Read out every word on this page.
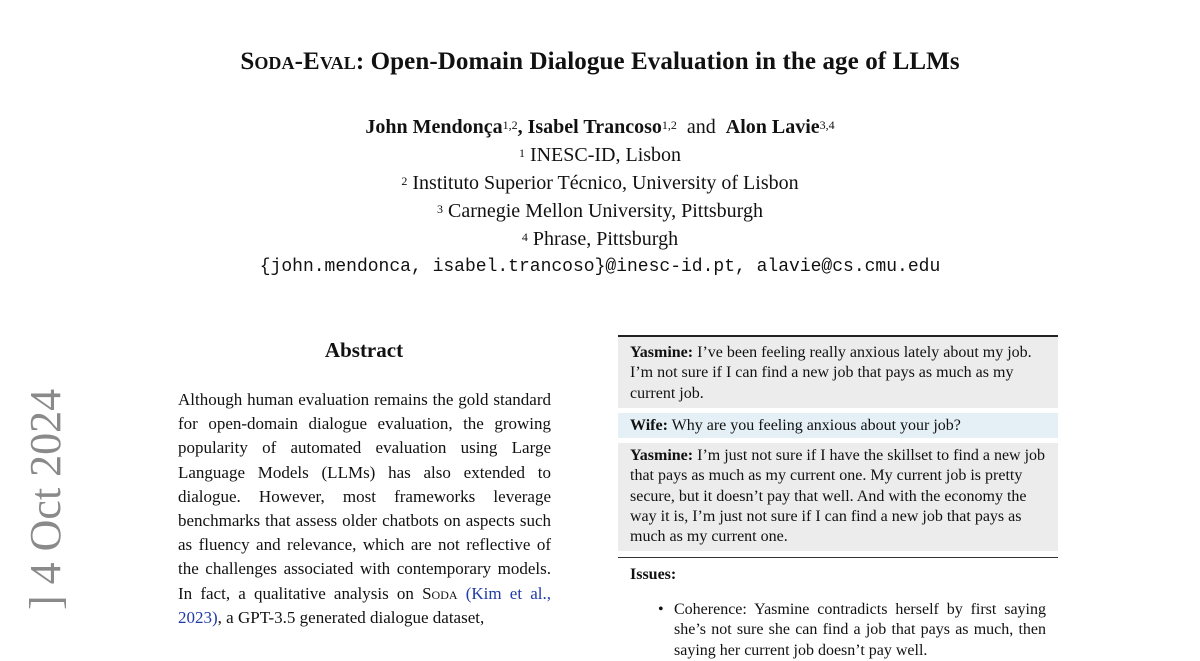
Soda-Eval: Open-Domain Dialogue Evaluation in the age of LLMs
John Mendonça$^{1,2}$, Isabel Trancoso$^{1,2}$ and Alon Lavie$^{3,4}$
$^1$ INESC-ID, Lisbon
$^2$ Instituto Superior Técnico, University of Lisbon
$^3$ Carnegie Mellon University, Pittsburgh
$^4$ Phrase, Pittsburgh
{john.mendonca, isabel.trancoso}@inesc-id.pt, alavie@cs.cmu.edu
] 4 Oct 2024
Abstract
Although human evaluation remains the gold standard for open-domain dialogue evaluation, the growing popularity of automated evaluation using Large Language Models (LLMs) has also extended to dialogue. However, most frameworks leverage benchmarks that assess older chatbots on aspects such as fluency and relevance, which are not reflective of the challenges associated with contemporary models. In fact, a qualitative analysis on Soda (Kim et al., 2023), a GPT-3.5 generated dialogue dataset,
Yasmine: I’ve been feeling really anxious lately about my job. I’m not sure if I can find a new job that pays as much as my current job.
Wife: Why are you feeling anxious about your job?
Yasmine: I’m just not sure if I have the skillset to find a new job that pays as much as my current one. My current job is pretty secure, but it doesn’t pay that well. And with the economy the way it is, I’m just not sure if I can find a new job that pays as much as my current one.
Issues:
• Coherence: Yasmine contradicts herself by first saying she’s not sure she can find a job that pays as much, then saying her current job doesn’t pay well.
